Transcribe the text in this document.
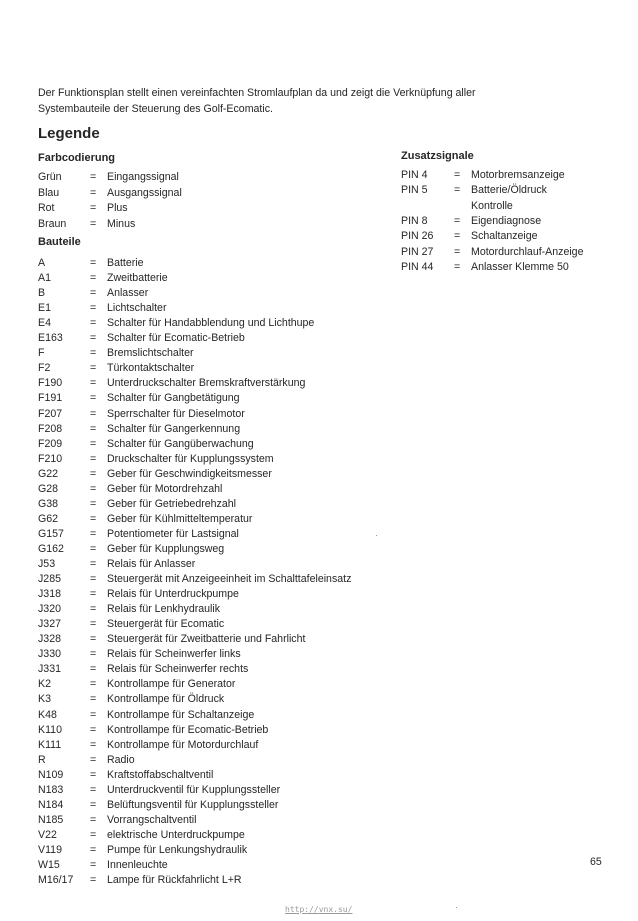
Der Funktionsplan stellt einen vereinfachten Stromlaufplan da und zeigt die Verknüpfung aller
Systembauteile der Steuerung des Golf-Ecomatic.
Legende
Farbcodierung
Grün	= Eingangssignal
Blau	= Ausgangssignal
Rot	= Plus
Braun = Minus
Bauteile
A	= Batterie
A1	= Zweitbatterie
B	= Anlasser
E1	= Lichtschalter
E4	= Schalter für Handabblendung und Lichthupe
E163	= Schalter für Ecomatic-Betrieb
F	= Bremslichtschalter
F2	= Türkontaktschalter
F190	= Unterdruckschalter Bremskraftverstärkung
F191	= Schalter für Gangbetätigung
F207	= Sperrschalter für Dieselmotor
F208	= Schalter für Gangerkennung
F209	= Schalter für Gangüberwachung
F210	= Druckschalter für Kupplungssystem
G22	= Geber für Geschwindigkeitsmesser
G28	= Geber für Motordrehzahl
G38	= Geber für Getriebedrehzahl
G62	= Geber für Kühlmitteltemperatur
G157 = Potentiometer für Lastsignal
G162 = Geber für Kupplungsweg
J53	= Relais für Anlasser
J285	= Steuergerät mit Anzeigeeinheit im Schalttafeleinsatz
J318	= Relais für Unterdruckpumpe
J320	= Relais für Lenkhydraulik
J327	= Steuergerät für Ecomatic
J328	= Steuergerät für Zweitbatterie und Fahrlicht
J330	= Relais für Scheinwerfer links
J331	= Relais für Scheinwerfer rechts
K2	= Kontrollampe für Generator
K3	= Kontrollampe für Öldruck
K48	= Kontrollampe für Schaltanzeige
K110	= Kontrollampe für Ecomatic-Betrieb
K111	= Kontrollampe für Motordurchlauf
R	= Radio
N109	= Kraftstoffabschaltventil
N183	= Unterdruckventil für Kupplungssteller
N184	= Belüftungsventil für Kupplungssteller
N185	= Vorrangschaltventil
V22	= elektrische Unterdruckpumpe
V119	= Pumpe für Lenkungshydraulik
W15	= Innenleuchte
M16/17 = Lampe für Rückfahrlicht L+R
Zusatzsignale
PIN 4	= Motorbremsanzeige
PIN 5	= Batterie/Öldruck
Kontrolle
PIN 8	= Eigendiagnose
PIN 26 = Schaltanzeige
PIN 27 = Motordurchlauf-Anzeige
PIN 44 = Anlasser Klemme 50
65
http://vnx.su/
